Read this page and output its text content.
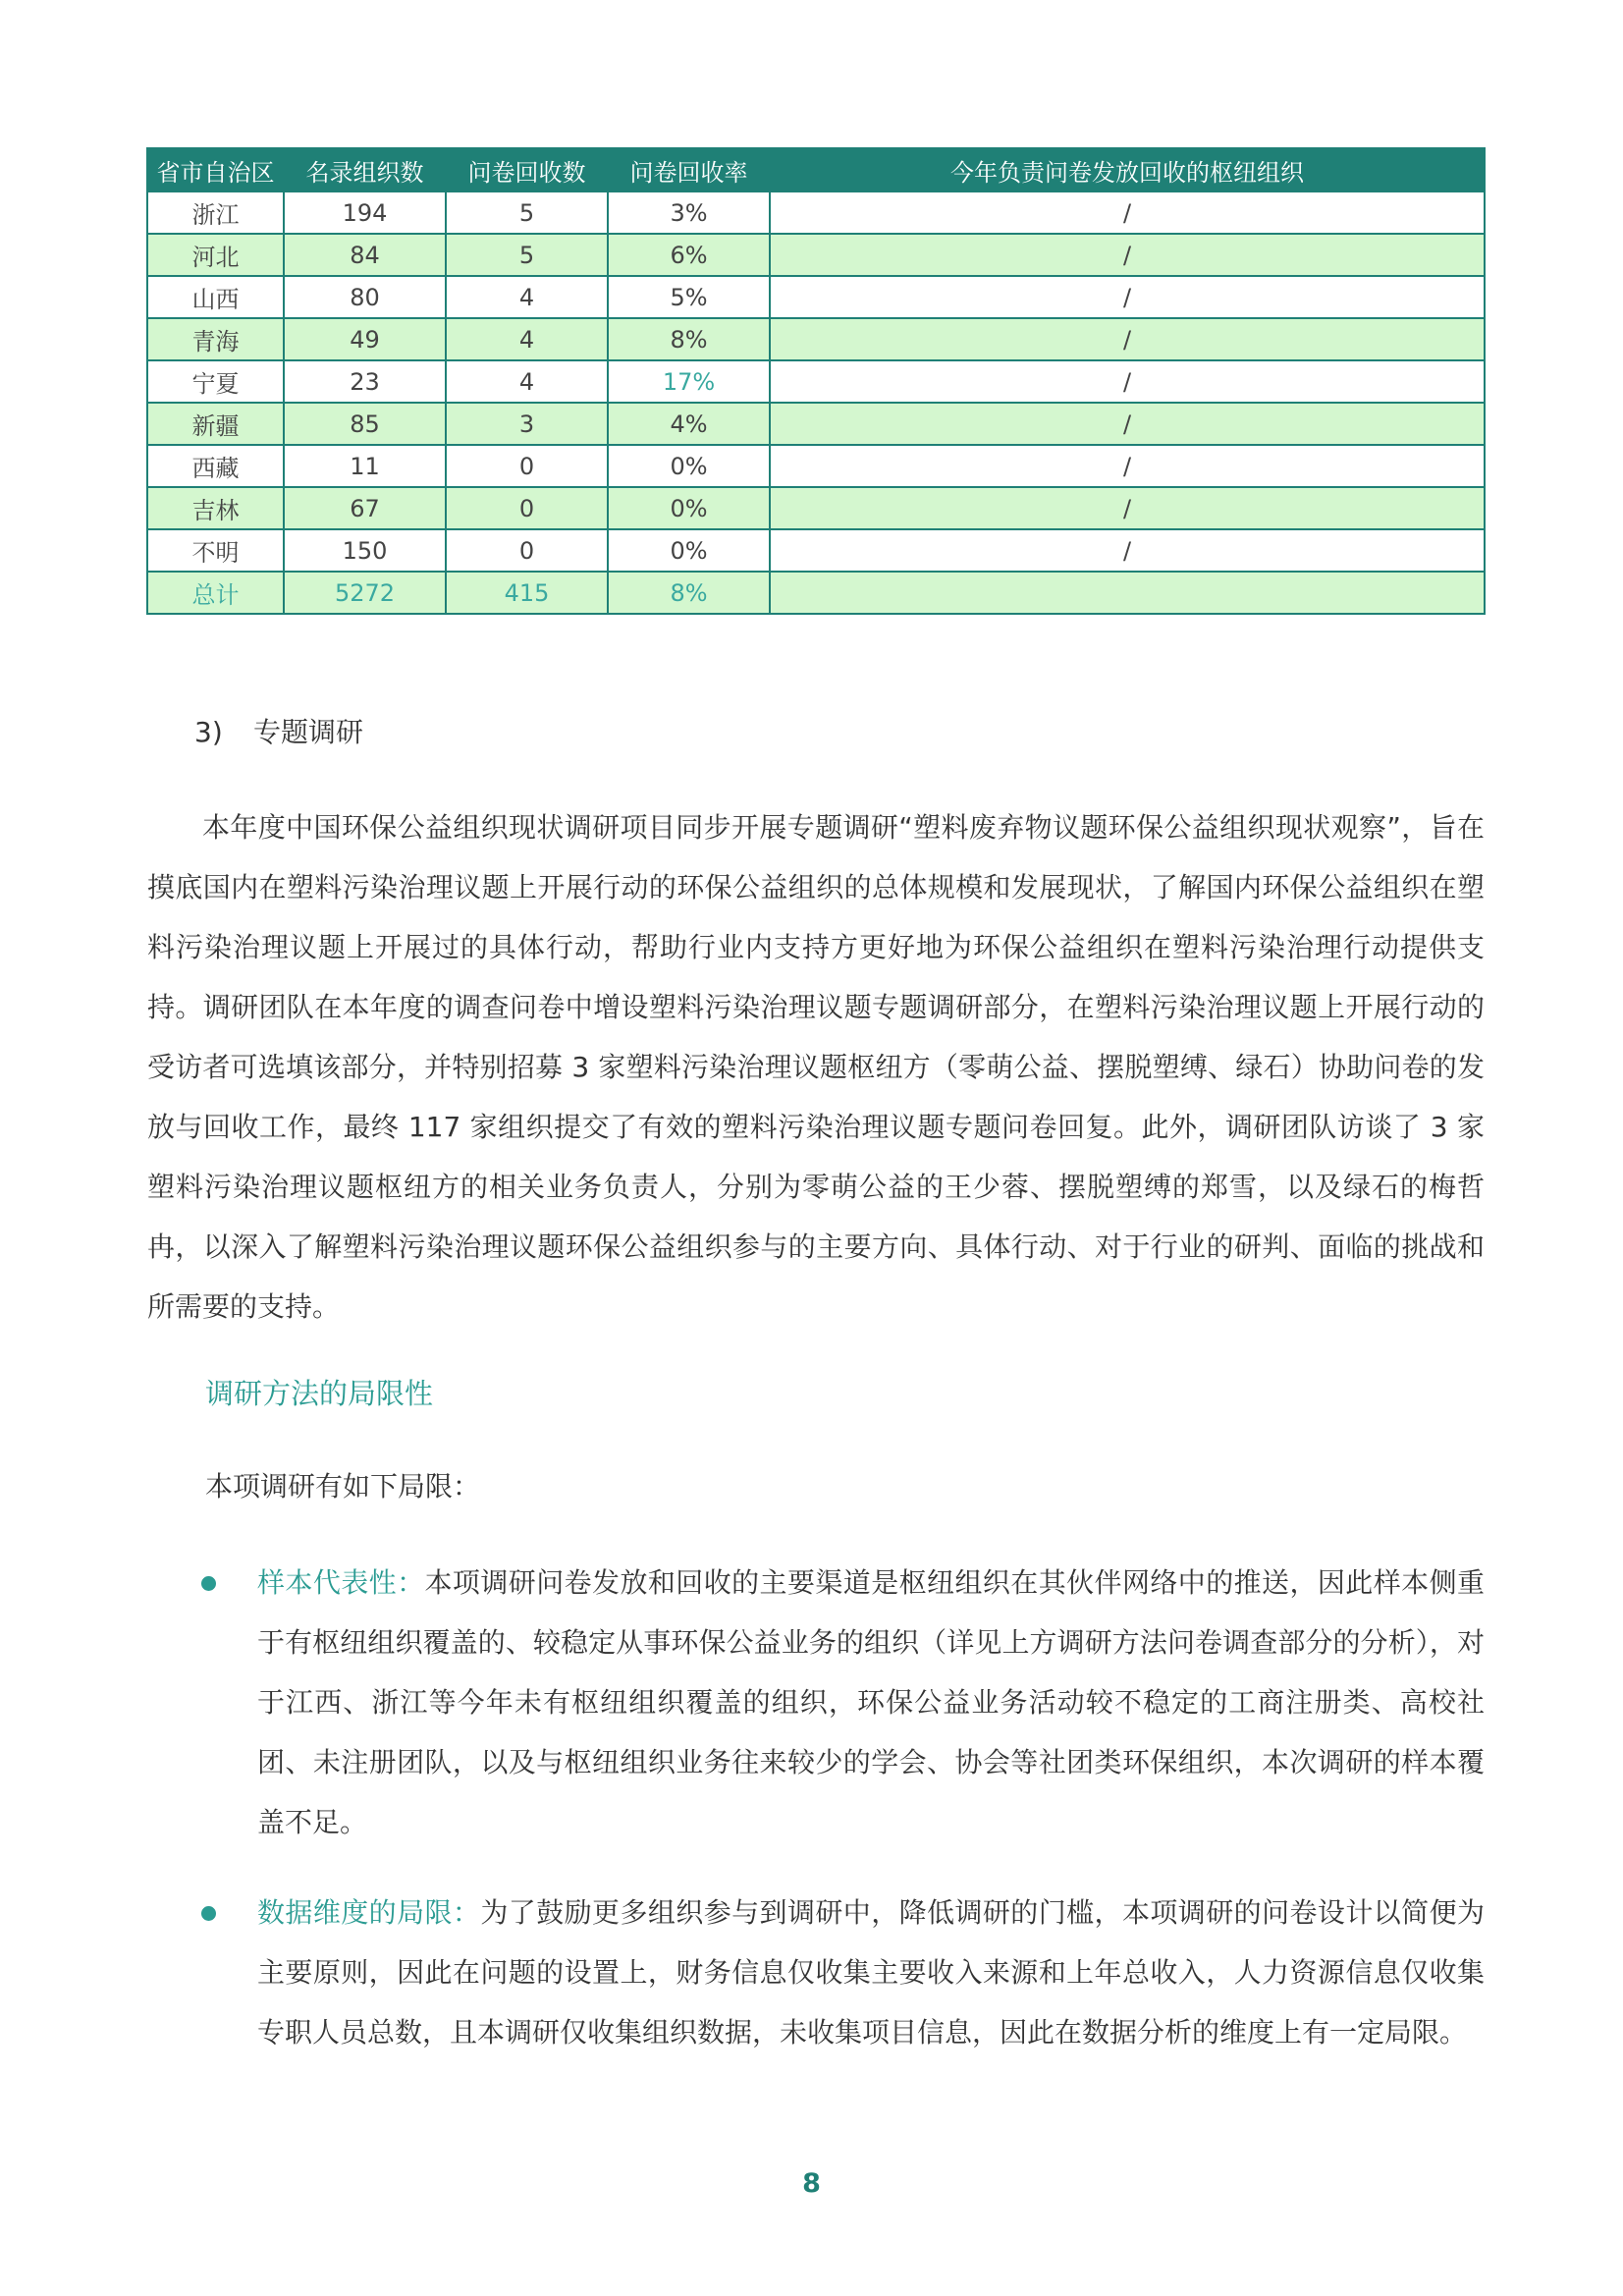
省市自治区	名录组织数	问卷回收数	问卷回收率	今年负责问卷发放回收的枢纽组织
浙江	194	5	3%	/
河北	84	5	6%	/
山西	80	4	5%	/
青海	49	4	8%	/
宁夏	23	4	17%	/
新疆	85	3	4%	/
西藏	11	0	0%	/
吉林	67	0	0%	/
不明	150	0	0%	/
总计	5272	415	8%	
3) 专题调研

本年度中国环保公益组织现状调研项目同步开展专题调研“塑料废弃物议题环保公益组织现状观察”，旨在摸底国内在塑料污染治理议题上开展行动的环保公益组织的总体规模和发展现状，了解国内环保公益组织在塑料污染治理议题上开展过的具体行动，帮助行业内支持方更好地为环保公益组织在塑料污染治理行动提供支持。调研团队在本年度的调查问卷中增设塑料污染治理议题专题调研部分，在塑料污染治理议题上开展行动的受访者可选填该部分，并特别招募 3 家塑料污染治理议题枢纽方（零萌公益、摆脱塑缚、绿石）协助问卷的发放与回收工作，最终 117 家组织提交了有效的塑料污染治理议题专题问卷回复。此外，调研团队访谈了 3 家塑料污染治理议题枢纽方的相关业务负责人，分别为零萌公益的王少蓉、摆脱塑缚的郑雪，以及绿石的梅哲冉，以深入了解塑料污染治理议题环保公益组织参与的主要方向、具体行动、对于行业的研判、面临的挑战和所需要的支持。

调研方法的局限性
本项调研有如下局限：

样本代表性：本项调研问卷发放和回收的主要渠道是枢纽组织在其伙伴网络中的推送，因此样本侧重于有枢纽组织覆盖的、较稳定从事环保公益业务的组织（详见上方调研方法问卷调查部分的分析），对于江西、浙江等今年未有枢纽组织覆盖的组织，环保公益业务活动较不稳定的工商注册类、高校社团、未注册团队，以及与枢纽组织业务往来较少的学会、协会等社团类环保组织，本次调研的样本覆盖不足。

数据维度的局限：为了鼓励更多组织参与到调研中，降低调研的门槛，本项调研的问卷设计以简便为主要原则，因此在问题的设置上，财务信息仅收集主要收入来源和上年总收入，人力资源信息仅收集专职人员总数，且本调研仅收集组织数据，未收集项目信息，因此在数据分析的维度上有一定局限。

8
